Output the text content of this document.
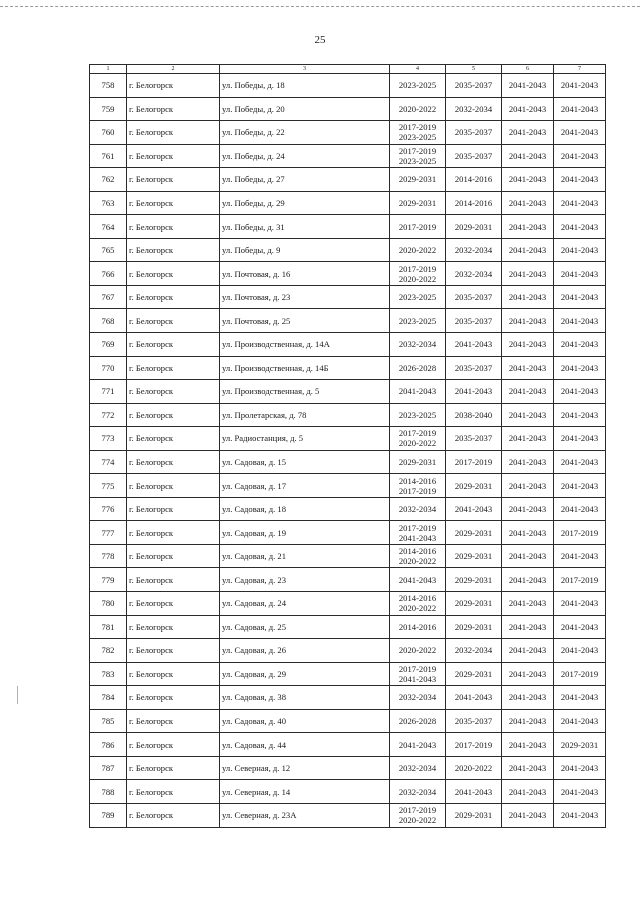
25
1	2	3	4	5	6	7
758	г. Белогорск	ул. Победы, д. 18	2023-2025	2035-2037	2041-2043	2041-2043
759	г. Белогорск	ул. Победы, д. 20	2020-2022	2032-2034	2041-2043	2041-2043
760	г. Белогорск	ул. Победы, д. 22	2017-2019
2023-2025	2035-2037	2041-2043	2041-2043
761	г. Белогорск	ул. Победы, д. 24	2017-2019
2023-2025	2035-2037	2041-2043	2041-2043
762	г. Белогорск	ул. Победы, д. 27	2029-2031	2014-2016	2041-2043	2041-2043
763	г. Белогорск	ул. Победы, д. 29	2029-2031	2014-2016	2041-2043	2041-2043
764	г. Белогорск	ул. Победы, д. 31	2017-2019	2029-2031	2041-2043	2041-2043
765	г. Белогорск	ул. Победы, д. 9	2020-2022	2032-2034	2041-2043	2041-2043
766	г. Белогорск	ул. Почтовая, д. 16	2017-2019
2020-2022	2032-2034	2041-2043	2041-2043
767	г. Белогорск	ул. Почтовая, д. 23	2023-2025	2035-2037	2041-2043	2041-2043
768	г. Белогорск	ул. Почтовая, д. 25	2023-2025	2035-2037	2041-2043	2041-2043
769	г. Белогорск	ул. Производственная, д. 14А	2032-2034	2041-2043	2041-2043	2041-2043
770	г. Белогорск	ул. Производственная, д. 14Б	2026-2028	2035-2037	2041-2043	2041-2043
771	г. Белогорск	ул. Производственная, д. 5	2041-2043	2041-2043	2041-2043	2041-2043
772	г. Белогорск	ул. Пролетарская, д. 78	2023-2025	2038-2040	2041-2043	2041-2043
773	г. Белогорск	ул. Радиостанция, д. 5	2017-2019
2020-2022	2035-2037	2041-2043	2041-2043
774	г. Белогорск	ул. Садовая, д. 15	2029-2031	2017-2019	2041-2043	2041-2043
775	г. Белогорск	ул. Садовая, д. 17	2014-2016
2017-2019	2029-2031	2041-2043	2041-2043
776	г. Белогорск	ул. Садовая, д. 18	2032-2034	2041-2043	2041-2043	2041-2043
777	г. Белогорск	ул. Садовая, д. 19	2017-2019
2041-2043	2029-2031	2041-2043	2017-2019
778	г. Белогорск	ул. Садовая, д. 21	2014-2016
2020-2022	2029-2031	2041-2043	2041-2043
779	г. Белогорск	ул. Садовая, д. 23	2041-2043	2029-2031	2041-2043	2017-2019
780	г. Белогорск	ул. Садовая, д. 24	2014-2016
2020-2022	2029-2031	2041-2043	2041-2043
781	г. Белогорск	ул. Садовая, д. 25	2014-2016	2029-2031	2041-2043	2041-2043
782	г. Белогорск	ул. Садовая, д. 26	2020-2022	2032-2034	2041-2043	2041-2043
783	г. Белогорск	ул. Садовая, д. 29	2017-2019
2041-2043	2029-2031	2041-2043	2017-2019
784	г. Белогорск	ул. Садовая, д. 38	2032-2034	2041-2043	2041-2043	2041-2043
785	г. Белогорск	ул. Садовая, д. 40	2026-2028	2035-2037	2041-2043	2041-2043
786	г. Белогорск	ул. Садовая, д. 44	2041-2043	2017-2019	2041-2043	2029-2031
787	г. Белогорск	ул. Северная, д. 12	2032-2034	2020-2022	2041-2043	2041-2043
788	г. Белогорск	ул. Северная, д. 14	2032-2034	2041-2043	2041-2043	2041-2043
789	г. Белогорск	ул. Северная, д. 23А	2017-2019
2020-2022	2029-2031	2041-2043	2041-2043
